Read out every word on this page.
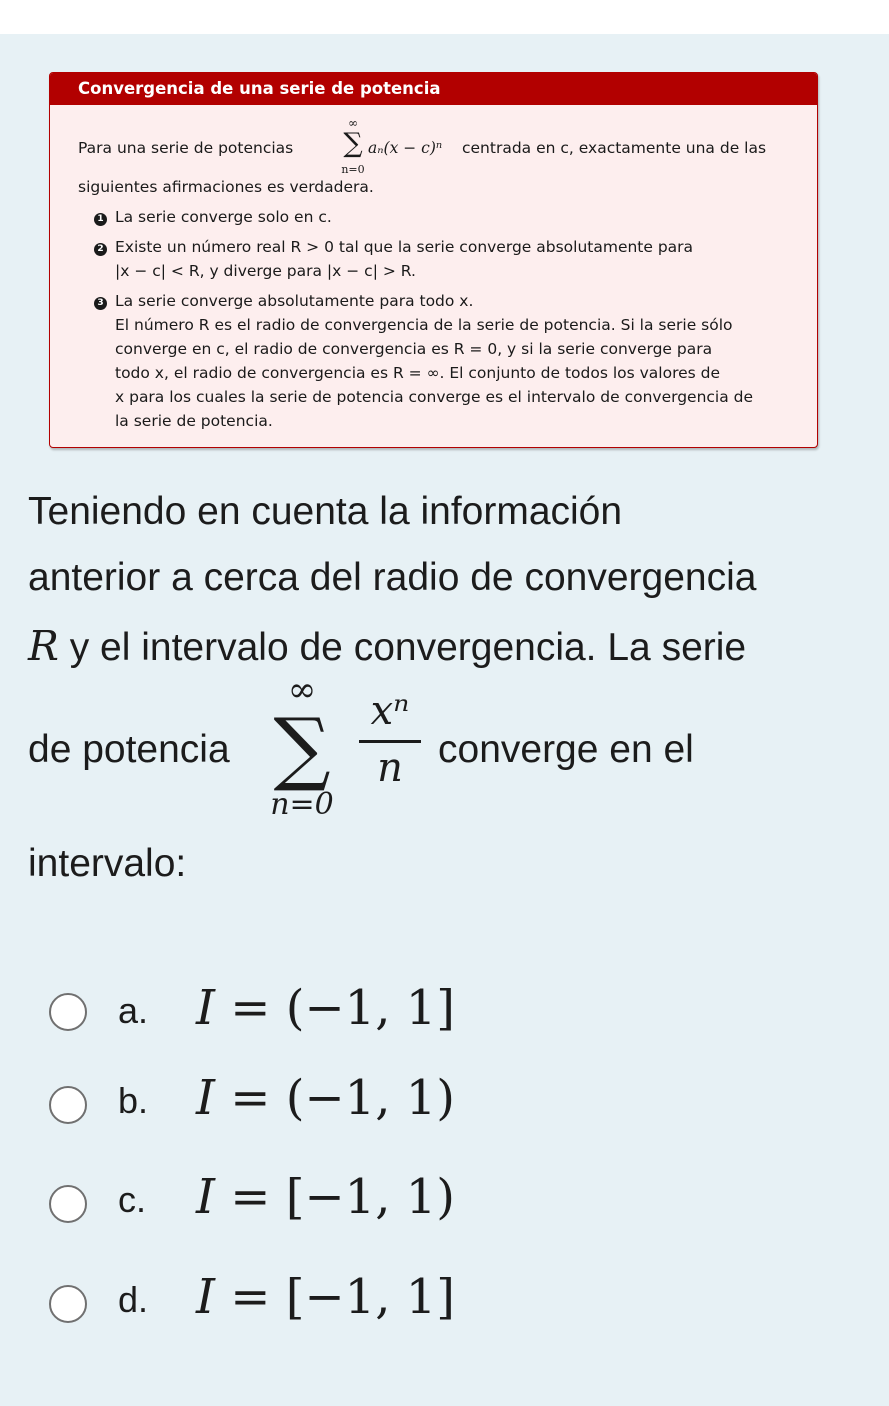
Convergencia de una serie de potencia
Para una serie de potencias
∞
∑
n=0
aₙ(x − c)ⁿ centrada en c, exactamente una de las
siguientes afirmaciones es verdadera.
1 La serie converge solo en c.
2 Existe un número real R > 0 tal que la serie converge absolutamente para
|x − c| < R, y diverge para |x − c| > R.
3 La serie converge absolutamente para todo x.
El número R es el radio de convergencia de la serie de potencia. Si la serie sólo
converge en c, el radio de convergencia es R = 0, y si la serie converge para
todo x, el radio de convergencia es R = ∞. El conjunto de todos los valores de
x para los cuales la serie de potencia converge es el intervalo de convergencia de
la serie de potencia.
Teniendo en cuenta la información
anterior a cerca del radio de convergencia
R y el intervalo de convergencia. La serie
de potencia
∞
∑
n=0
xⁿ
n converge en el
intervalo:
a. I = (−1, 1]
b. I = (−1, 1)
c. I = [−1, 1)
d. I = [−1, 1]
